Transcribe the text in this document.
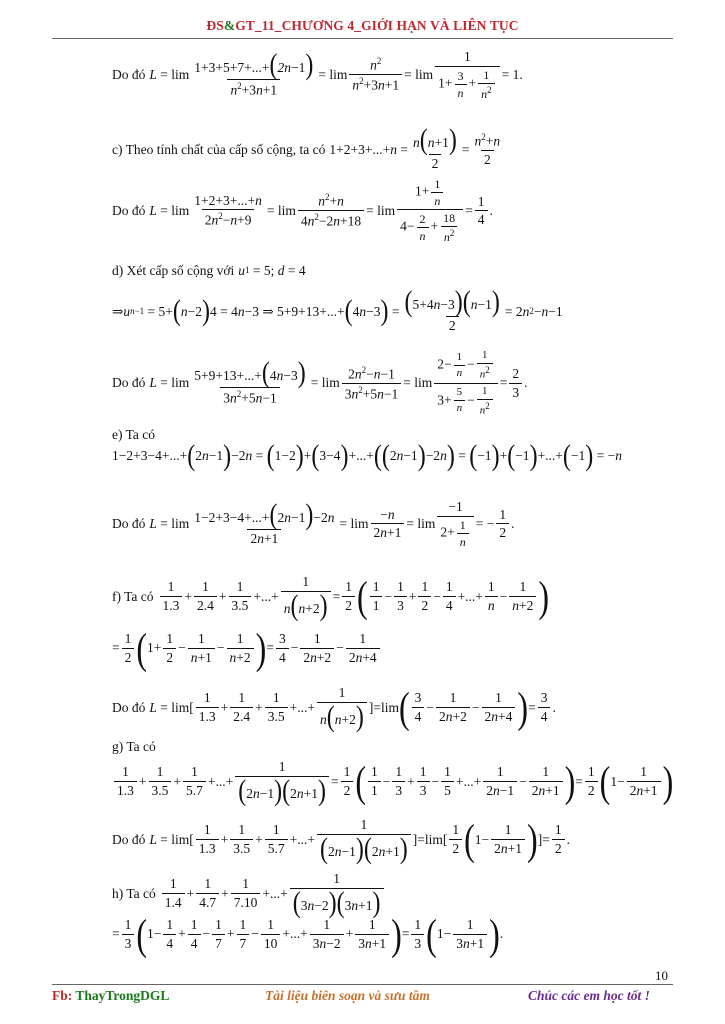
ĐS&GT_11_CHƯƠNG 4_GIỚI HẠN VÀ LIÊN TỤC
Do đó L = lim 1+3+5+7+...+(2n−1)
$n^2+3n+1$
= lim
$n^2$
$n^2+3n+1$
= lim
1
$1+ \frac{3}{n} + \frac{1}{n^2} = 1$.
c) Theo tính chất của cấp số cộng, ta có 1+2+3+...+ n = n(n+1)
2
=
$n^2+n$
2
Do đó L = lim
1+2+3+...+n
$2n^2-n+9$
= lim
$n^2+n$
$4n^2-2n+18$
= lim
$1+ \frac{1}{n}$
$4- \frac{2}{n} + \frac{18}{n^2}$
=
1
4
.
d) Xét cấp số cộng với u 1 = 5; d = 4
⇒ u n−1 = 5+ ( n −2 ) 4 = 4 n −3 ⇒ 5+9+13+...+ ( 4 n −3 ) = (5+4n−3)(n−1)
2
= 2 n 2 − n −1
Do đó L = lim 5+9+13+...+(4n−3)
$3n^2+5n-1$
= lim
$2n^2-n-1$
$3n^2+5n-1$
= lim
$2- \frac{1}{n} - \frac{1}{n^2}$
$3+ \frac{5}{n} - \frac{1}{n^2}$
=
2
3
.
e) Ta có
1−2+3−4+...+ ( 2 n −1 ) −2 n = ( 1−2 ) + ( 3−4 ) +...+ ( ( 2 n −1 ) −2 n ) = ( −1 ) + ( −1 ) +...+ ( −1 ) = − n
Do đó L = lim 1−2+3−4+...+(2n−1)−2n
2n+1
= lim
−n
2n+1
= lim
−1
$2+ \frac{1}{n}$ = −
1
2
.
f) Ta có
1
1.3
+
1
2.4
+
1
3.5
+...+
1
n(n+2) =
1
2 ( 1
1
−
1
3
+
1
2
−
1
4
+...+
1
n
−
1
n+2 )
=
1
2 ( 1+
1
2
−
1
n+1
−
1
n+2 ) =
3
4
−
1
2n+2
−
1
2n+4
Do đó L = lim [
1
1.3
+
1
2.4
+
1
3.5
+...+
1
n(n+2) ]= lim ( 3
4
−
1
2n+2
−
1
2n+4 ) =
3
4
.
g) Ta có
1
1.3
+
1
3.5
+
1
5.7
+...+
1
(2n−1)(2n+1) =
1
2 ( 1
1
−
1
3
+
1
3
−
1
5
+...+
1
2n−1
−
1
2n+1 ) =
1
2 ( 1−
1
2n+1 )
Do đó L = lim [
1
1.3
+
1
3.5
+
1
5.7
+...+
1
(2n−1)(2n+1) ]= lim [
1
2 ( 1−
1
2n+1 ) ]=
1
2
.
h) Ta có
1
1.4
+
1
4.7
+
1
7.10
+...+
1
(3n−2)(3n+1)
=
1
3 ( 1−
1
4
+
1
4
−
1
7
+
1
7
−
1
10
+...+
1
3n−2
+
1
3n+1 ) =
1
3 ( 1−
1
3n+1 ) .
10
Fb: ThayTrongDGL	Tài liệu biên soạn và sưu tầm	Chúc các em học tốt !
